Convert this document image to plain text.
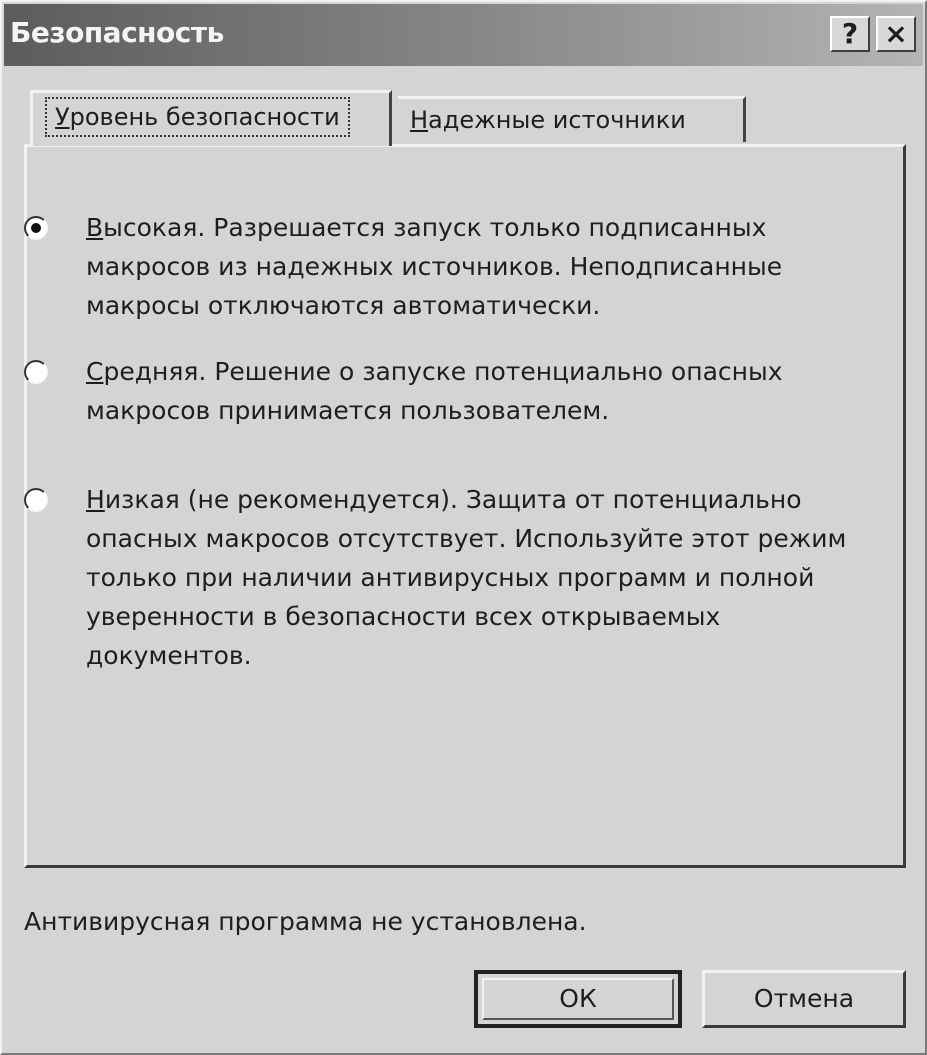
Безопасность	? ×
Уровень безопасности	Надежные источники
Высокая. Разрешается запуск только подписанных макросов из надежных источников. Неподписанные макросы отключаются автоматически.
Средняя. Решение о запуске потенциально опасных макросов принимается пользователем.
Низкая (не рекомендуется). Защита от потенциально опасных макросов отсутствует. Используйте этот режим только при наличии антивирусных программ и полной уверенности в безопасности всех открываемых документов.
Антивирусная программа не установлена.
ОК	Отмена
